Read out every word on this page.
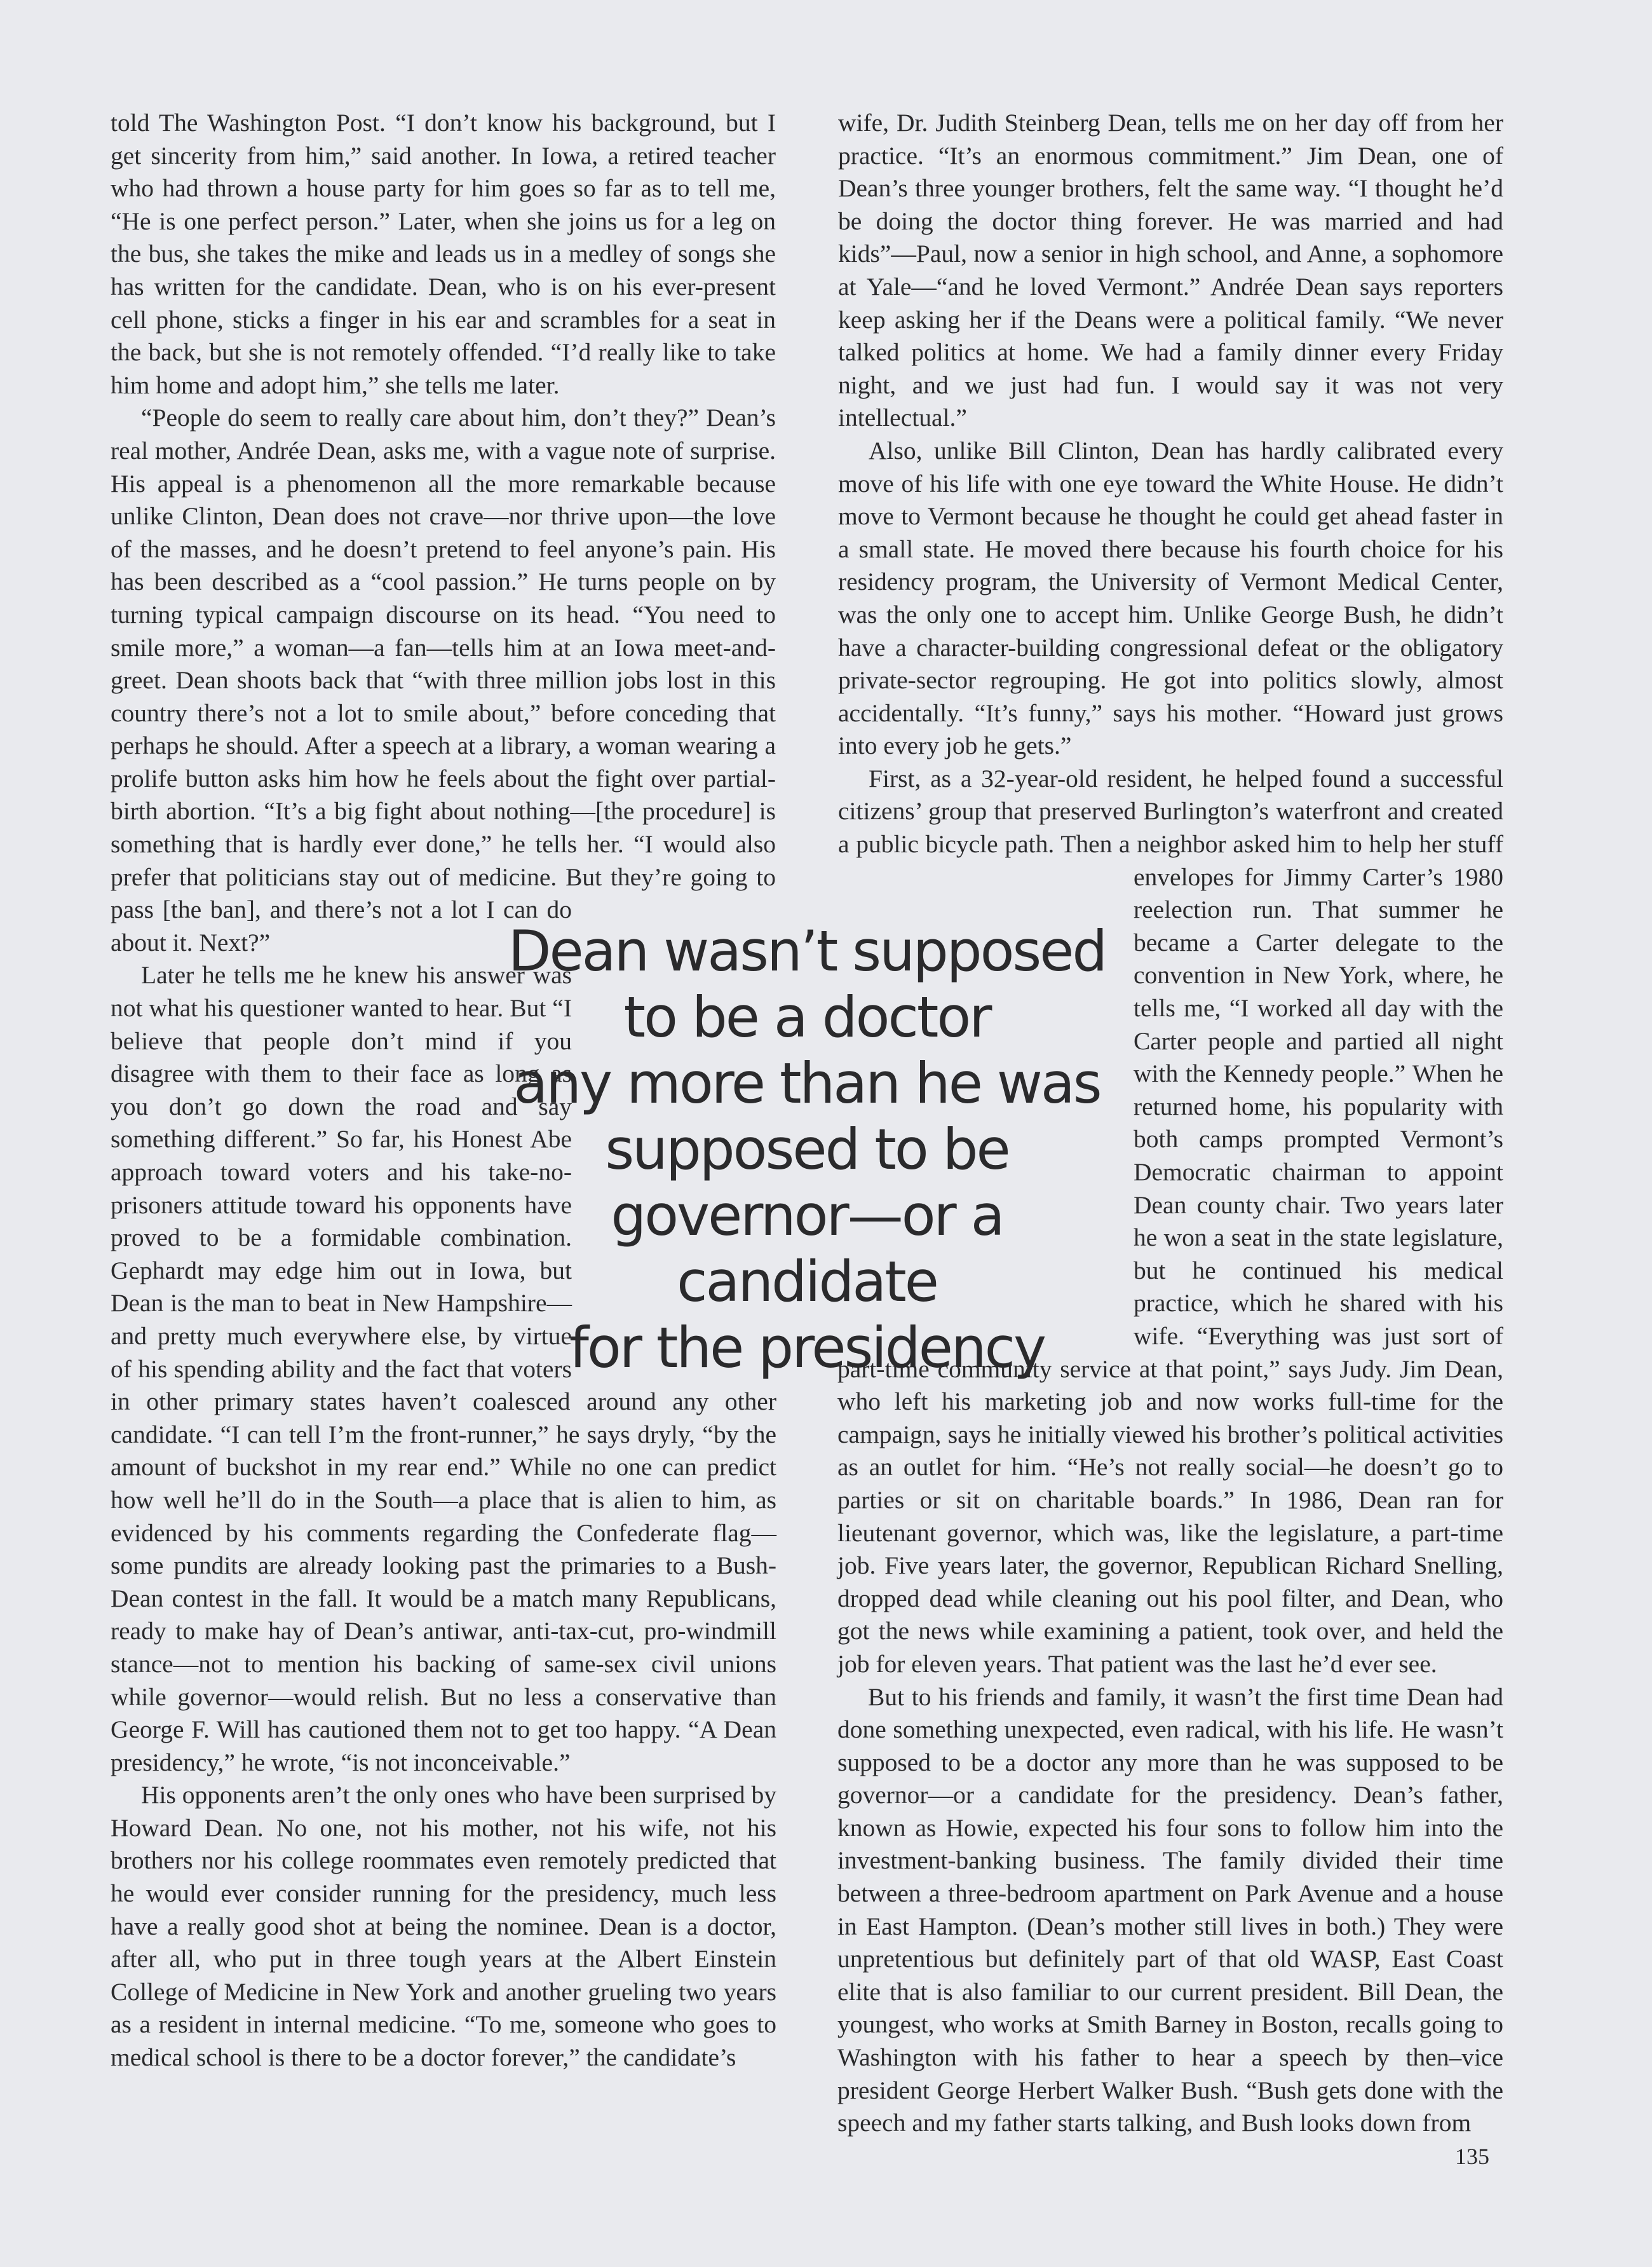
told The Washington Post. “I don’t know his background, but I get sincerity from him,” said another. In Iowa, a retired teacher who had thrown a house party for him goes so far as to tell me, “He is one perfect person.” Later, when she joins us for a leg on the bus, she takes the mike and leads us in a medley of songs she has written for the candidate. Dean, who is on his ever-present cell phone, sticks a finger in his ear and scrambles for a seat in the back, but she is not remotely offended. “I’d really like to take him home and adopt him,” she tells me later.

“People do seem to really care about him, don’t they?” Dean’s real mother, Andrée Dean, asks me, with a vague note of surprise. His appeal is a phenomenon all the more remarkable because unlike Clinton, Dean does not crave—nor thrive upon—the love of the masses, and he doesn’t pretend to feel anyone’s pain. His has been described as a “cool passion.” He turns people on by turning typical campaign discourse on its head. “You need to smile more,” a woman—a fan—tells him at an Iowa meet-and-greet. Dean shoots back that “with three million jobs lost in this country there’s not a lot to smile about,” before conceding that perhaps he should. After a speech at a library, a woman wearing a prolife button asks him how he feels about the fight over partial-birth abortion. “It’s a big fight about nothing—[the procedure] is something that is hardly ever done,” he tells her. “I would also prefer that politicians stay out of medicine. But they’re going to pass [the ban], and there’s not a lot I can do about it. Next?”

Later he tells me he knew his answer was not what his questioner wanted to hear. But “I believe that people don’t mind if you disagree with them to their face as long as you don’t go down the road and say something different.” So far, his Honest Abe approach toward voters and his take-no-prisoners attitude toward his opponents have proved to be a formidable combination. Gephardt may edge him out in Iowa, but Dean is the man to beat in New Hampshire—and pretty much everywhere else, by virtue of his spending ability and the fact that voters in other primary states haven’t coalesced around any other candidate. “I can tell I’m the front-runner,” he says dryly, “by the amount of buckshot in my rear end.” While no one can predict how well he’ll do in the South—a place that is alien to him, as evidenced by his comments regarding the Confederate flag—some pundits are already looking past the primaries to a Bush-Dean contest in the fall. It would be a match many Republicans, ready to make hay of Dean’s antiwar, anti-tax-cut, pro-windmill stance—not to mention his backing of same-sex civil unions while governor—would relish. But no less a conservative than George F. Will has cautioned them not to get too happy. “A Dean presidency,” he wrote, “is not inconceivable.”

His opponents aren’t the only ones who have been surprised by Howard Dean. No one, not his mother, not his wife, not his brothers nor his college roommates even remotely predicted that he would ever consider running for the presidency, much less have a really good shot at being the nominee. Dean is a doctor, after all, who put in three tough years at the Albert Einstein College of Medicine in New York and another grueling two years as a resident in internal medicine. “To me, someone who goes to medical school is there to be a doctor forever,” the candidate’s

wife, Dr. Judith Steinberg Dean, tells me on her day off from her practice. “It’s an enormous commitment.” Jim Dean, one of Dean’s three younger brothers, felt the same way. “I thought he’d be doing the doctor thing forever. He was married and had kids”—Paul, now a senior in high school, and Anne, a sophomore at Yale—“and he loved Vermont.” Andrée Dean says reporters keep asking her if the Deans were a political family. “We never talked politics at home. We had a family dinner every Friday night, and we just had fun. I would say it was not very intellectual.”

Also, unlike Bill Clinton, Dean has hardly calibrated every move of his life with one eye toward the White House. He didn’t move to Vermont because he thought he could get ahead faster in a small state. He moved there because his fourth choice for his residency program, the University of Vermont Medical Center, was the only one to accept him. Unlike George Bush, he didn’t have a character-building congressional defeat or the obligatory private-sector regrouping. He got into politics slowly, almost accidentally. “It’s funny,” says his mother. “Howard just grows into every job he gets.”

First, as a 32-year-old resident, he helped found a successful citizens’ group that preserved Burlington’s waterfront and created a public bicycle path. Then a neighbor asked him to help her stuff envelopes for Jimmy Carter’s 1980 reelection run. That summer he became a Carter delegate to the convention in New York, where, he tells me, “I worked all day with the Carter people and partied all night with the Kennedy people.” When he returned home, his popularity with both camps prompted Vermont’s Democratic chairman to appoint Dean county chair. Two years later he won a seat in the state legislature, but he continued his medical practice, which he shared with his wife. “Everything was just sort of part-time community service at that point,” says Judy. Jim Dean, who left his marketing job and now works full-time for the campaign, says he initially viewed his brother’s political activities as an outlet for him. “He’s not really social—he doesn’t go to parties or sit on charitable boards.” In 1986, Dean ran for lieutenant governor, which was, like the legislature, a part-time job. Five years later, the governor, Republican Richard Snelling, dropped dead while cleaning out his pool filter, and Dean, who got the news while examining a patient, took over, and held the job for eleven years. That patient was the last he’d ever see.

But to his friends and family, it wasn’t the first time Dean had done something unexpected, even radical, with his life. He wasn’t supposed to be a doctor any more than he was supposed to be governor—or a candidate for the presidency. Dean’s father, known as Howie, expected his four sons to follow him into the investment-banking business. The family divided their time between a three-bedroom apartment on Park Avenue and a house in East Hampton. (Dean’s mother still lives in both.) They were unpretentious but definitely part of that old WASP, East Coast elite that is also familiar to our current president. Bill Dean, the youngest, who works at Smith Barney in Boston, recalls going to Washington with his father to hear a speech by then–vice president George Herbert Walker Bush. “Bush gets done with the speech and my father starts talking, and Bush looks down from

Dean wasn’t supposed
to be a doctor
any more than he was
supposed to be
governor—or a candidate
for the presidency
135
